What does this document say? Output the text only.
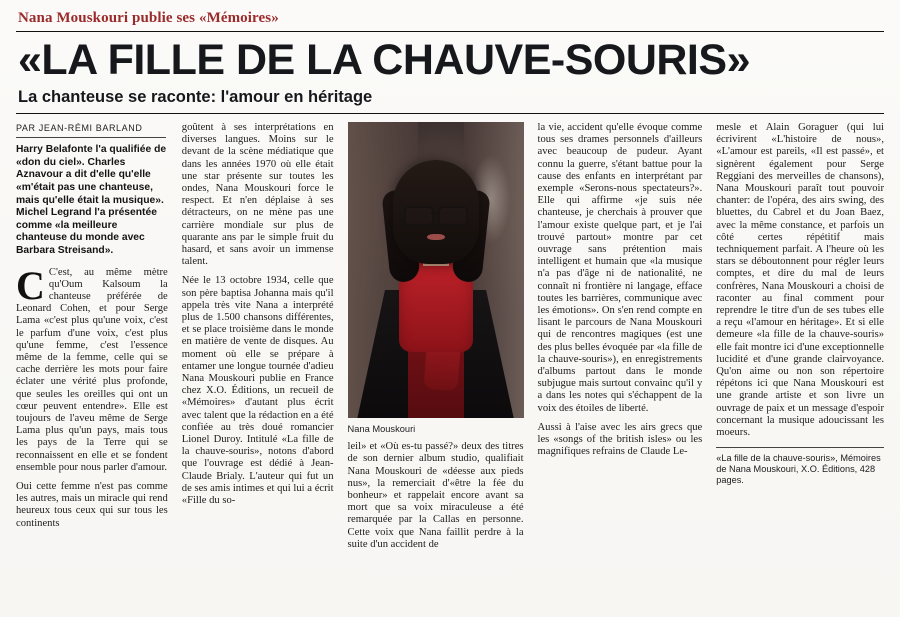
Nana Mouskouri publie ses «Mémoires»
«LA FILLE DE LA CHAUVE-SOURIS»
La chanteuse se raconte: l'amour en héritage
PAR JEAN-RÉMI BARLAND
Harry Belafonte l'a qualifiée de «don du ciel». Charles Aznavour a dit d'elle qu'elle «m'était pas une chanteuse, mais qu'elle était la musique». Michel Legrand l'a présentée comme «la meilleure chanteuse du monde avec Barbara Streisand».

C C'est, au même mètre qu'Oum Kalsoum la chanteuse préférée de Leonard Cohen, et pour Serge Lama «c'est plus qu'une voix, c'est le parfum d'une voix, c'est plus qu'une femme, c'est l'essence même de la femme, celle qui se cache derrière les mots pour faire éclater une vérité plus profonde, que seules les oreilles qui ont un cœur peuvent entendre». Elle est toujours de l'aveu même de Serge Lama plus qu'un pays, mais tous les pays de la Terre qui se reconnaissent en elle et se fondent ensemble pour nous parler d'amour.

Oui cette femme n'est pas comme les autres, mais un miracle qui rend heureux tous ceux qui sur tous les continents

goûtent à ses interprétations en diverses langues. Moins sur le devant de la scène médiatique que dans les années 1970 où elle était une star présente sur toutes les ondes, Nana Mouskouri force le respect. Et n'en déplaise à ses détracteurs, on ne mène pas une carrière mondiale sur plus de quarante ans par le simple fruit du hasard, et sans avoir un immense talent.

Née le 13 octobre 1934, celle que son père baptisa Johanna mais qu'il appela très vite Nana a interprété plus de 1.500 chansons différentes, et se place troisième dans le monde en matière de vente de disques. Au moment où elle se prépare à entamer une longue tournée d'adieu Nana Mouskouri publie en France chez X.O. Éditions, un recueil de «Mémoires» d'autant plus écrit avec talent que la rédaction en a été confiée au très doué romancier Lionel Duroy. Intitulé «La fille de la chauve-souris», notons d'abord que l'ouvrage est dédié à Jean-Claude Brialy. L'auteur qui fut un de ses amis intimes et qui lui a écrit «Fille du so-

Nana Mouskouri

leil» et «Où es-tu passé?» deux des titres de son dernier album studio, qualifiait Nana Mouskouri de «déesse aux pieds nus», la remerciait d'«être la fée du bonheur» et rappelait encore avant sa mort que sa voix miraculeuse a été remarquée par la Callas en personne. Cette voix que Nana faillit perdre à la suite d'un accident de

la vie, accident qu'elle évoque comme tous ses drames personnels d'ailleurs avec beaucoup de pudeur. Ayant connu la guerre, s'étant battue pour la cause des enfants en interprétant par exemple «Serons-nous spectateurs?». Elle qui affirme «je suis née chanteuse, je cherchais à prouver que l'amour existe quelque part, et je l'ai trouvé partout» montre par cet ouvrage sans prétention mais intelligent et humain que «la musique n'a pas d'âge ni de nationalité, ne connaît ni frontière ni langage, efface toutes les barrières, communique avec les émotions». On s'en rend compte en lisant le parcours de Nana Mouskouri qui de rencontres magiques (est une des plus belles évoquée par «la fille de la chauve-souris»), en enregistrements d'albums partout dans le monde subjugue mais surtout convainc qu'il y a dans les notes qui s'échappent de la voix des étoiles de liberté.

Aussi à l'aise avec les airs grecs que les «songs of the british isles» ou les magnifiques refrains de Claude Le-

mesle et Alain Goraguer (qui lui écrivirent «L'histoire de nous», «L'amour est pareils, «Il est passé», et signèrent également pour Serge Reggiani des merveilles de chansons), Nana Mouskouri paraît tout pouvoir chanter: de l'opéra, des airs swing, des bluettes, du Cabrel et du Joan Baez, avec la même constance, et parfois un côté certes répétitif mais techniquement parfait. A l'heure où les stars se déboutonnent pour régler leurs comptes, et dire du mal de leurs confrères, Nana Mouskouri a choisi de raconter au final comment pour reprendre le titre d'un de ses tubes elle a reçu «l'amour en héritage». Et si elle demeure «la fille de la chauve-souris» elle fait montre ici d'une exceptionnelle lucidité et d'une grande clairvoyance. Qu'on aime ou non son répertoire répétons ici que Nana Mouskouri est une grande artiste et son livre un ouvrage de paix et un message d'espoir concernant la musique adoucissant les moeurs.

«La fille de la chauve-souris», Mémoires de Nana Mouskouri, X.O. Éditions, 428 pages.
